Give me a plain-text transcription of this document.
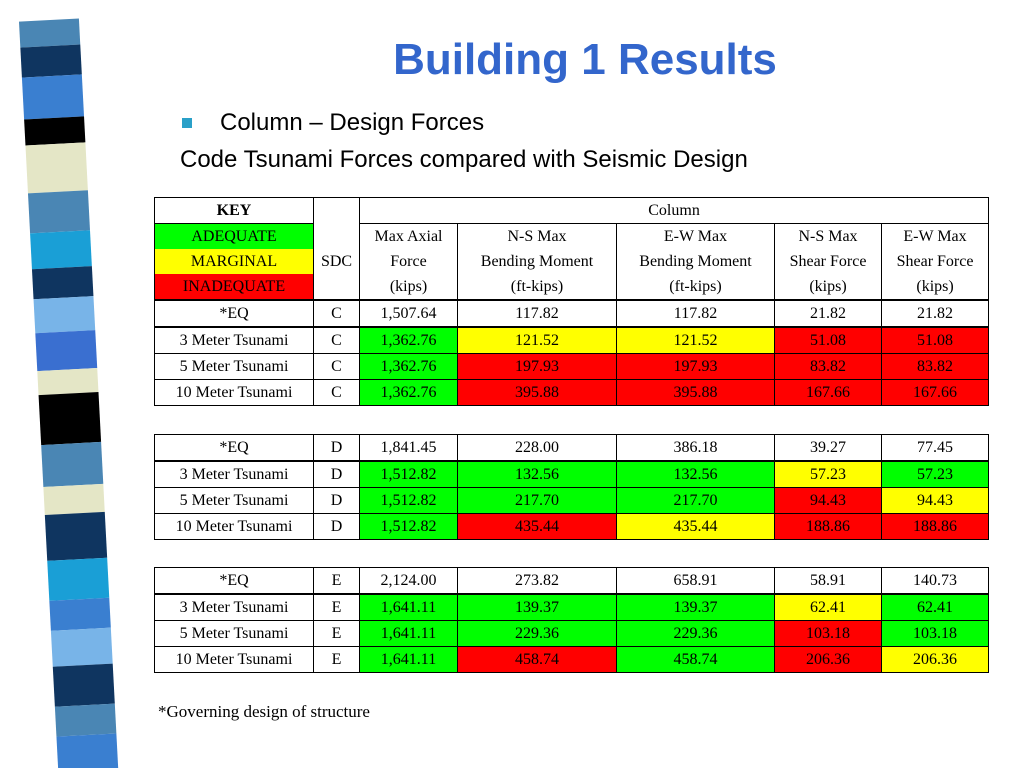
Building 1 Results
Column – Design Forces
Code Tsunami Forces compared with Seismic Design
KEY		Column				
ADEQUATE		Max Axial	N-S Max	E-W Max	N-S Max	E-W Max
MARGINAL	SDC	Force	Bending Moment	Bending Moment	Shear Force	Shear Force
INADEQUATE		(kips)	(ft-kips)	(ft-kips)	(kips)	(kips)
*EQ	C	1,507.64	117.82	117.82	21.82	21.82
3 Meter Tsunami	C	1,362.76	121.52	121.52	51.08	51.08
5 Meter Tsunami	C	1,362.76	197.93	197.93	83.82	83.82
10 Meter Tsunami	C	1,362.76	395.88	395.88	167.66	167.66
*EQ	D	1,841.45	228.00	386.18	39.27	77.45
3 Meter Tsunami	D	1,512.82	132.56	132.56	57.23	57.23
5 Meter Tsunami	D	1,512.82	217.70	217.70	94.43	94.43
10 Meter Tsunami	D	1,512.82	435.44	435.44	188.86	188.86
*EQ	E	2,124.00	273.82	658.91	58.91	140.73
3 Meter Tsunami	E	1,641.11	139.37	139.37	62.41	62.41
5 Meter Tsunami	E	1,641.11	229.36	229.36	103.18	103.18
10 Meter Tsunami	E	1,641.11	458.74	458.74	206.36	206.36
*Governing design of structure
